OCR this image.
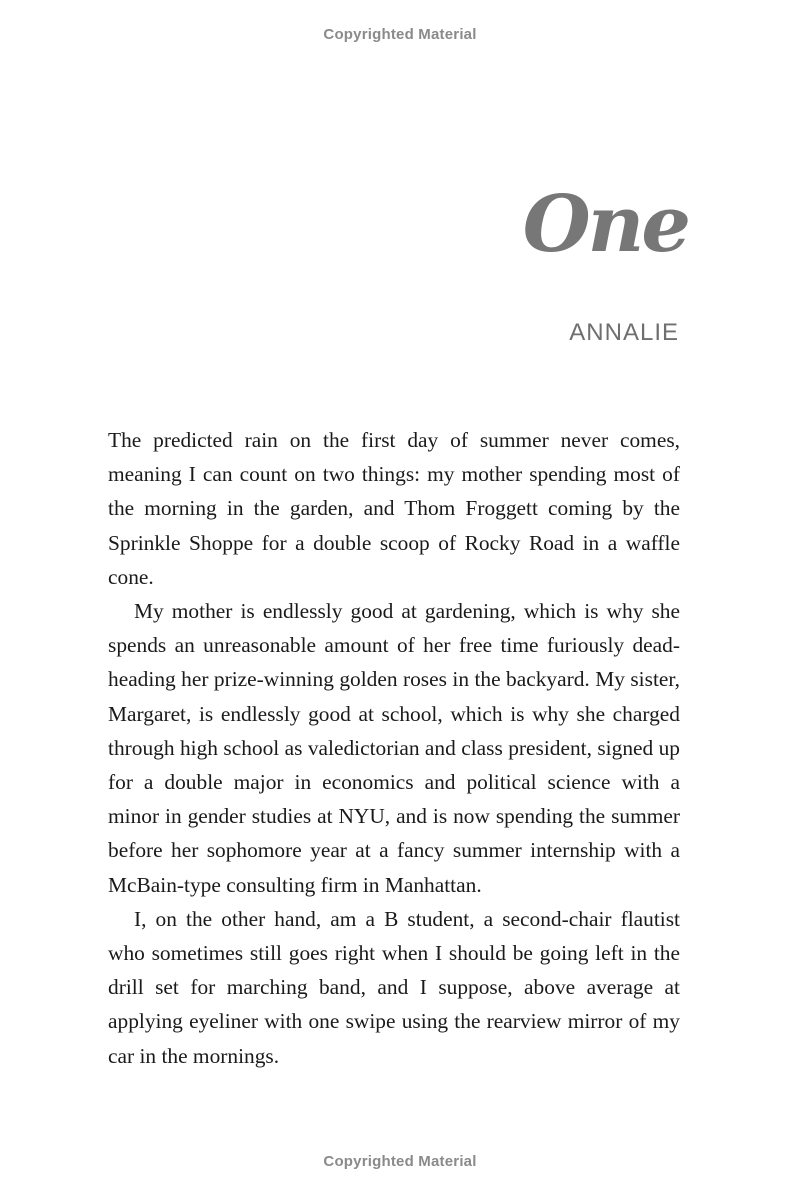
Copyrighted Material
One
ANNALIE

The predicted rain on the first day of summer never comes, meaning I can count on two things: my mother spending most of the morning in the garden, and Thom Froggett coming by the Sprinkle Shoppe for a double scoop of Rocky Road in a waffle cone.

My mother is endlessly good at gardening, which is why she spends an unreasonable amount of her free time furiously dead-heading her prize-winning golden roses in the backyard. My sister, Margaret, is endlessly good at school, which is why she charged through high school as valedictorian and class president, signed up for a double major in economics and political science with a minor in gender studies at NYU, and is now spending the summer before her sophomore year at a fancy summer internship with a McBain-type consulting firm in Manhattan.

I, on the other hand, am a B student, a second-chair flautist who sometimes still goes right when I should be going left in the drill set for marching band, and I suppose, above average at applying eyeliner with one swipe using the rearview mirror of my car in the mornings.

Copyrighted Material
